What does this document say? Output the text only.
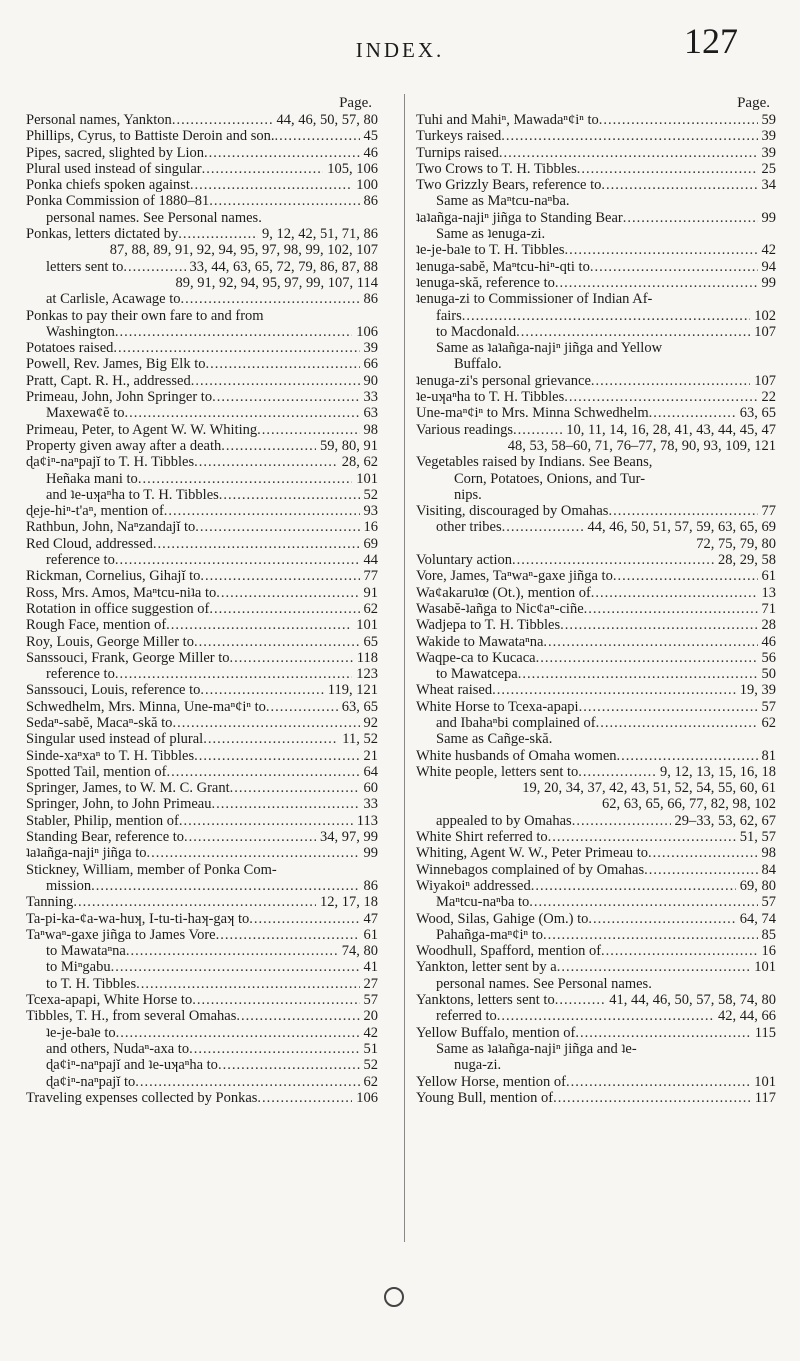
INDEX.	127
Page.
Personal names, Yankton .....	44, 46, 50, 57, 80
Phillips, Cyrus, to Battiste Deroin and son. .....	45
Pipes, sacred, slighted by Lion .....	46
Plural used instead of singular .....	105, 106
Ponka chiefs spoken against .....	100
Ponka Commission of 1880–81 .....	86
personal names. See Personal names.
Ponkas, letters dictated by .....	9, 12, 42, 51, 71, 86
87, 88, 89, 91, 92, 94, 95, 97, 98, 99, 102, 107
letters sent to .....	33, 44, 63, 65, 72, 79, 86, 87, 88
89, 91, 92, 94, 95, 97, 99, 107, 114
at Carlisle, Acawage to .....	86
Ponkas to pay their own fare to and from
Washington .....	106
Potatoes raised .....	39
Powell, Rev. James, Big Elk to .....	66
Pratt, Capt. R. H., addressed .....	90
Primeau, John, John Springer to .....	33
Maxewaȼĕ to .....	63
Primeau, Peter, to Agent W. W. Whiting .....	98
Property given away after a death .....	59, 80, 91
ɖaȼiⁿ-naⁿpajĭ to T. H. Tibbles .....	28, 62
Heñaka mani to .....	101
and ʇe-uʞaⁿha to T. H. Tibbles .....	52
ɖeje-hiⁿ-t'aⁿ, mention of .....	93
Rathbun, John, Naⁿzandajĭ to .....	16
Red Cloud, addressed .....	69
reference to .....	44
Rickman, Cornelius, Gihajĭ to .....	77
Ross, Mrs. Amos, Maⁿtcu-niʇa to .....	91
Rotation in office suggestion of .....	62
Rough Face, mention of .....	101
Roy, Louis, George Miller to .....	65
Sanssouci, Frank, George Miller to .....	118
reference to .....	123
Sanssouci, Louis, reference to .....	119, 121
Schwedhelm, Mrs. Minna, Une-maⁿȼiⁿ to .....	63, 65
Sedaⁿ-sabĕ, Macaⁿ-skă to .....	92
Singular used instead of plural .....	11, 52
Sinde-xaⁿxaⁿ to T. H. Tibbles .....	21
Spotted Tail, mention of .....	64
Springer, James, to W. M. C. Grant .....	60
Springer, John, to John Primeau .....	33
Stabler, Philip, mention of .....	113
Standing Bear, reference to .....	34, 97, 99
ʇaʇañga-najiⁿ jiñga to .....	99
Stickney, William, member of Ponka Com-
mission .....	86
Tanning .....	12, 17, 18
Ta-pi-ka-ȼa-wa-huʞ, I-tu-ti-haʞ-gaʞ to .....	47
Taⁿwaⁿ-gaxe jiñga to James Vore .....	61
to Mawataⁿna .....	74, 80
to Miⁿgabu .....	41
to T. H. Tibbles .....	27
Tcexa-apapi, White Horse to .....	57
Tibbles, T. H., from several Omahas .....	20
ʇe-je-baʇe to .....	42
and others, Nudaⁿ-axa to .....	51
ɖaȼiⁿ-naⁿpajĭ and ʇe-uʞaⁿha to .....	52
ɖaȼiⁿ-naⁿpajĭ to .....	62
Traveling expenses collected by Ponkas .....	106
Page.
Tuhi and Mahiⁿ, Mawadaⁿȼiⁿ to .....	59
Turkeys raised .....	39
Turnips raised .....	39
Two Crows to T. H. Tibbles .....	25
Two Grizzly Bears, reference to .....	34
Same as Maⁿtcu-naⁿba.
ʇaʇañga-najiⁿ jiñga to Standing Bear .....	99
Same as ʇenuga-zi.
ʇe-je-baʇe to T. H. Tibbles .....	42
ʇenuga-sabĕ, Maⁿtcu-hiⁿ-qti to .....	94
ʇenuga-skă, reference to .....	99
ʇenuga-zi to Commissioner of Indian Af-
fairs .....	102
to Macdonald .....	107
Same as ʇaʇañga-najiⁿ jiñga and Yellow
Buffalo.
ʇenuga-zi's personal grievance .....	107
ʇe-uʞaⁿha to T. H. Tibbles .....	22
Une-maⁿȼiⁿ to Mrs. Minna Schwedhelm .....	63, 65
Various readings .....	10, 11, 14, 16, 28, 41, 43, 44, 45, 47
48, 53, 58–60, 71, 76–77, 78, 90, 93, 109, 121
Vegetables raised by Indians. See Beans,
Corn, Potatoes, Onions, and Tur-
nips.
Visiting, discouraged by Omahas .....	77
other tribes .....	44, 46, 50, 51, 57, 59, 63, 65, 69
72, 75, 79, 80
Voluntary action .....	28, 29, 58
Vore, James, Taⁿwaⁿ-gaxe jiñga to .....	61
Waȼakaruʇœ (Ot.), mention of .....	13
Wasabĕ-ʇañga to Nicȼaⁿ-ciñe .....	71
Wadjepa to T. H. Tibbles .....	28
Wakide to Mawataⁿna .....	46
Waqpe-ca to Kucaca .....	56
to Mawatcepa .....	50
Wheat raised .....	19, 39
White Horse to Tcexa-apapi .....	57
and Ibahaⁿbi complained of .....	62
Same as Cañge-skă.
White husbands of Omaha women .....	81
White people, letters sent to .....	9, 12, 13, 15, 16, 18
19, 20, 34, 37, 42, 43, 51, 52, 54, 55, 60, 61
62, 63, 65, 66, 77, 82, 98, 102
appealed to by Omahas .....	29–33, 53, 62, 67
White Shirt referred to .....	51, 57
Whiting, Agent W. W., Peter Primeau to .....	98
Winnebagos complained of by Omahas .....	84
Wiyakoiⁿ addressed .....	69, 80
Maⁿtcu-naⁿba to .....	57
Wood, Silas, Gahige (Om.) to .....	64, 74
Pahañga-maⁿȼiⁿ to .....	85
Woodhull, Spafford, mention of .....	16
Yankton, letter sent by a .....	101
personal names. See Personal names.
Yanktons, letters sent to .....	41, 44, 46, 50, 57, 58, 74, 80
referred to .....	42, 44, 66
Yellow Buffalo, mention of .....	115
Same as ʇaʇañga-najiⁿ jiñga and ʇe-
nuga-zi.
Yellow Horse, mention of .....	101
Young Bull, mention of .....	117
